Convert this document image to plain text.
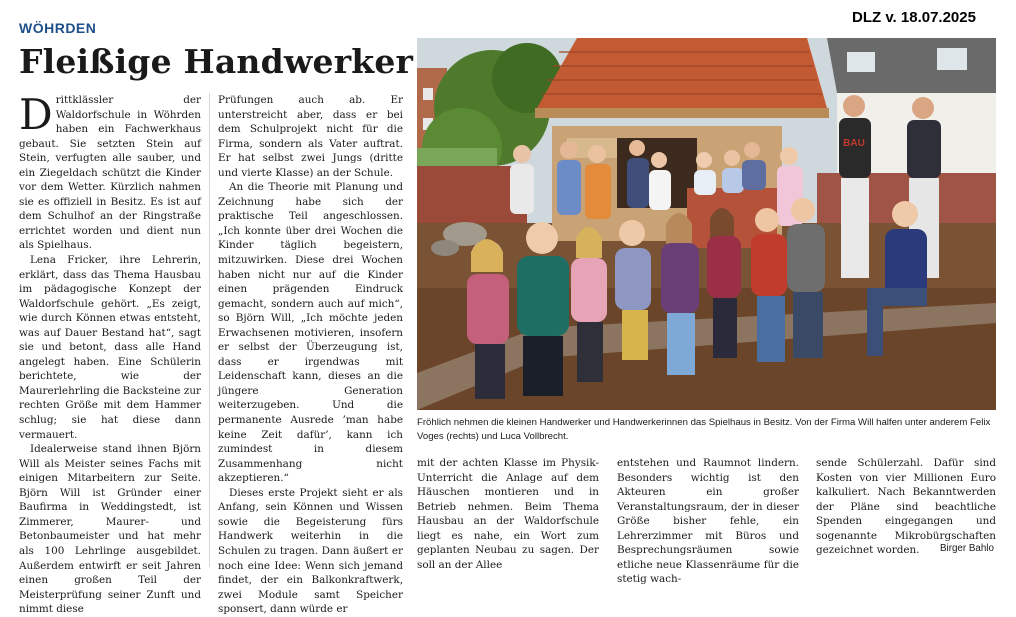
WÖHRDEN
DLZ v. 18.07.2025
Fleißige Handwerker

Drittklässler der Waldorfschule in Wöhrden haben ein Fachwerkhaus gebaut. Sie setzten Stein auf Stein, verfugten alle sauber, und ein Ziegeldach schützt die Kinder vor dem Wetter. Kürzlich nahmen sie es offiziell in Besitz. Es ist auf dem Schulhof an der Ringstraße errichtet worden und dient nun als Spielhaus.

Lena Fricker, ihre Lehrerin, erklärt, dass das Thema Hausbau im pädagogische Konzept der Waldorfschule gehört. „Es zeigt, wie durch Können etwas entsteht, was auf Dauer Bestand hat“, sagt sie und betont, dass alle Hand angelegt haben. Eine Schülerin berichtete, wie der Maurerlehrling die Backsteine zur rechten Größe mit dem Hammer schlug; sie hat diese dann vermauert.

Idealerweise stand ihnen Björn Will als Meister seines Fachs mit einigen Mitarbeitern zur Seite. Björn Will ist Gründer einer Baufirma in Weddingstedt, ist Zimmerer, Maurer- und Betonbaumeister und hat mehr als 100 Lehrlinge ausgebildet. Außerdem entwirft er seit Jahren einen großen Teil der Meisterprüfung seiner Zunft und nimmt diese

Prüfungen auch ab. Er unterstreicht aber, dass er bei dem Schulprojekt nicht für die Firma, sondern als Vater auftrat. Er hat selbst zwei Jungs (dritte und vierte Klasse) an der Schule.

An die Theorie mit Planung und Zeichnung habe sich der praktische Teil angeschlossen. „Ich konnte über drei Wochen die Kinder täglich begeistern, mitzuwirken. Diese drei Wochen haben nicht nur auf die Kinder einen prägenden Eindruck gemacht, sondern auch auf mich“, so Björn Will, „Ich möchte jeden Erwachsenen motivieren, insofern er selbst der Überzeugung ist, dass er irgendwas mit Leidenschaft kann, dieses an die jüngere Generation weiterzugeben. Und die permanente Ausrede ’man habe keine Zeit dafür’, kann ich zumindest in diesem Zusammenhang nicht akzeptieren.“

Dieses erste Projekt sieht er als Anfang, sein Können und Wissen sowie die Begeisterung fürs Handwerk weiterhin in die Schulen zu tragen. Dann äußert er noch eine Idee: Wenn sich jemand findet, der ein Balkonkraftwerk, zwei Module samt Speicher sponsert, dann würde er

BAU
Fröhlich nehmen die kleinen Handwerker und Handwerkerinnen das Spielhaus in Besitz. Von der Firma Will halfen unter anderem Felix Voges (rechts) und Luca Vollbrecht.

mit der achten Klasse im Physik-Unterricht die Anlage auf dem Häuschen montieren und in Betrieb nehmen. Beim Thema Hausbau an der Waldorfschule liegt es nahe, ein Wort zum geplanten Neubau zu sagen. Der soll an der Allee

entstehen und Raumnot lindern. Besonders wichtig ist den Akteuren ein großer Veranstaltungsraum, der in dieser Größe bisher fehle, ein Lehrerzimmer mit Büros und Besprechungsräumen sowie etliche neue Klassenräume für die stetig wach-

sende Schülerzahl. Dafür sind Kosten von vier Millionen Euro kalkuliert. Nach Bekanntwerden der Pläne sind beachtliche Spenden eingegangen und sogenannte Mikrobürgschaften gezeichnet worden.	Birger Bahlo
